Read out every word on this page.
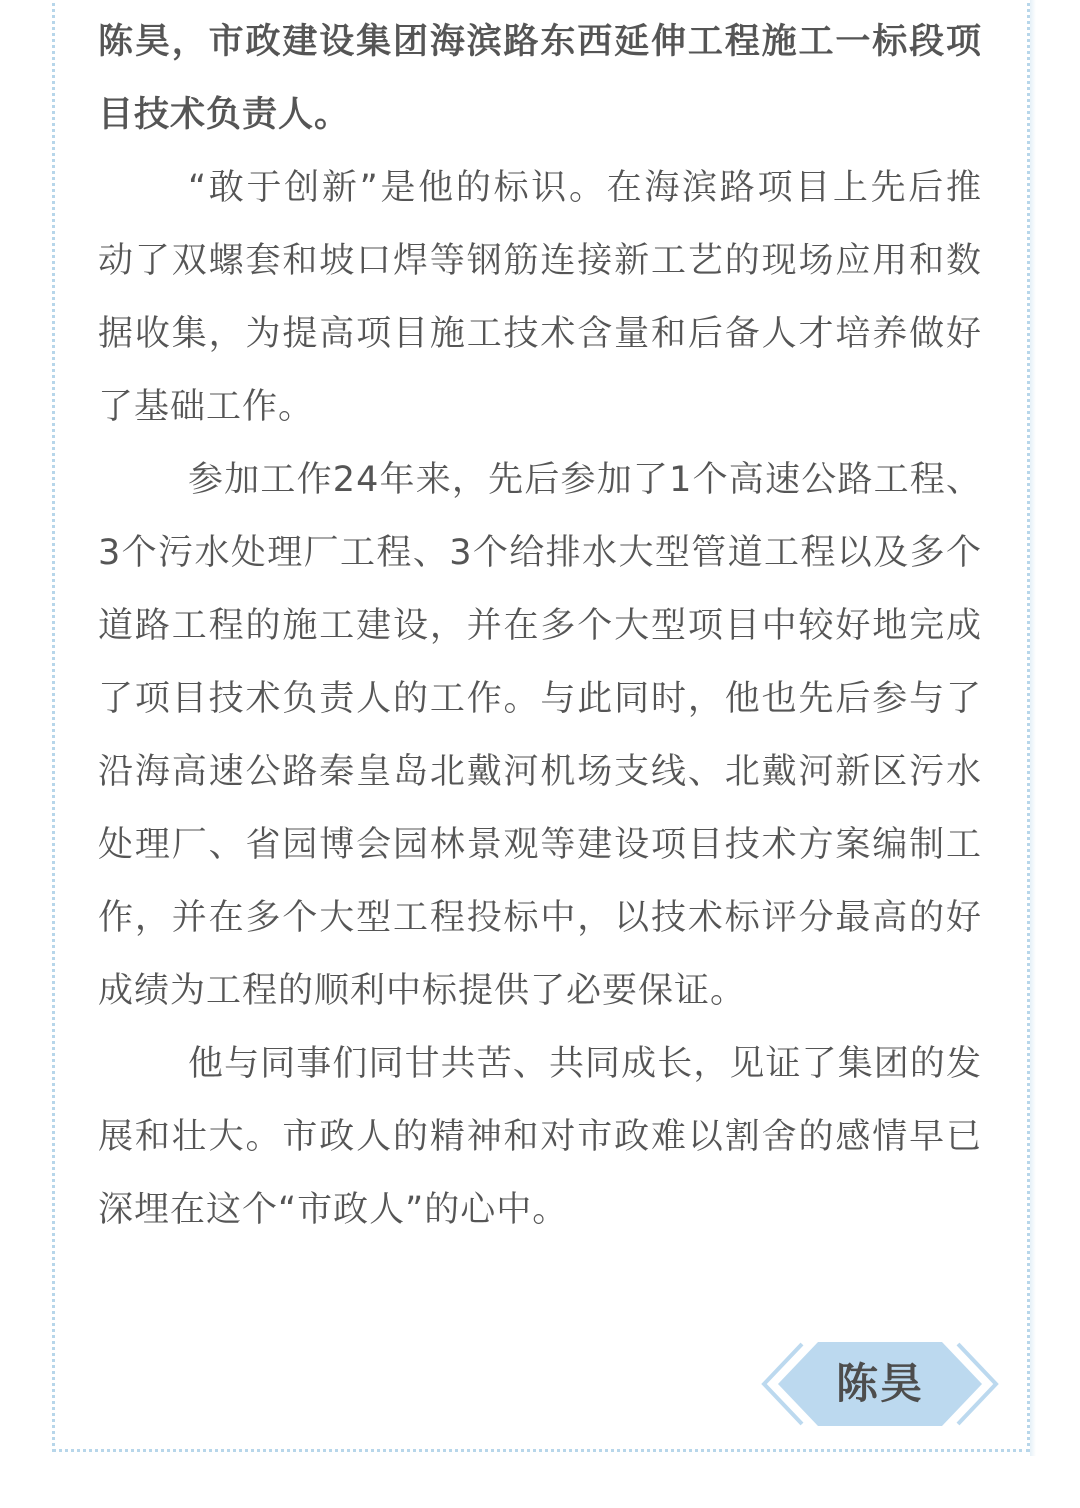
陈昊，市政建设集团海滨路东西延伸工程施工一标段项目技术负责人。

“敢于创新”是他的标识。在海滨路项目上先后推动了双螺套和坡口焊等钢筋连接新工艺的现场应用和数据收集，为提高项目施工技术含量和后备人才培养做好了基础工作。

参加工作24年来，先后参加了1个高速公路工程、3个污水处理厂工程、3个给排水大型管道工程以及多个道路工程的施工建设，并在多个大型项目中较好地完成了项目技术负责人的工作。与此同时，他也先后参与了沿海高速公路秦皇岛北戴河机场支线、北戴河新区污水处理厂、省园博会园林景观等建设项目技术方案编制工作，并在多个大型工程投标中，以技术标评分最高的好成绩为工程的顺利中标提供了必要保证。

他与同事们同甘共苦、共同成长，见证了集团的发展和壮大。市政人的精神和对市政难以割舍的感情早已深埋在这个“市政人”的心中。

陈昊
